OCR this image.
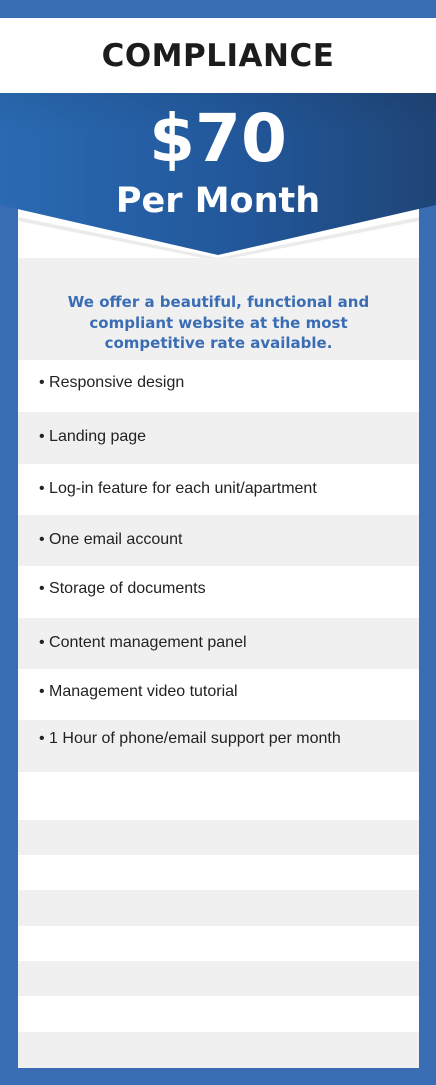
COMPLIANCE
$70
Per Month
We offer a beautiful, functional and compliant website at the most competitive rate available.
• Responsive design
• Landing page
• Log-in feature for each unit/apartment
• One email account
• Storage of documents
• Content management panel
• Management video tutorial
• 1 Hour of phone/email support per month
